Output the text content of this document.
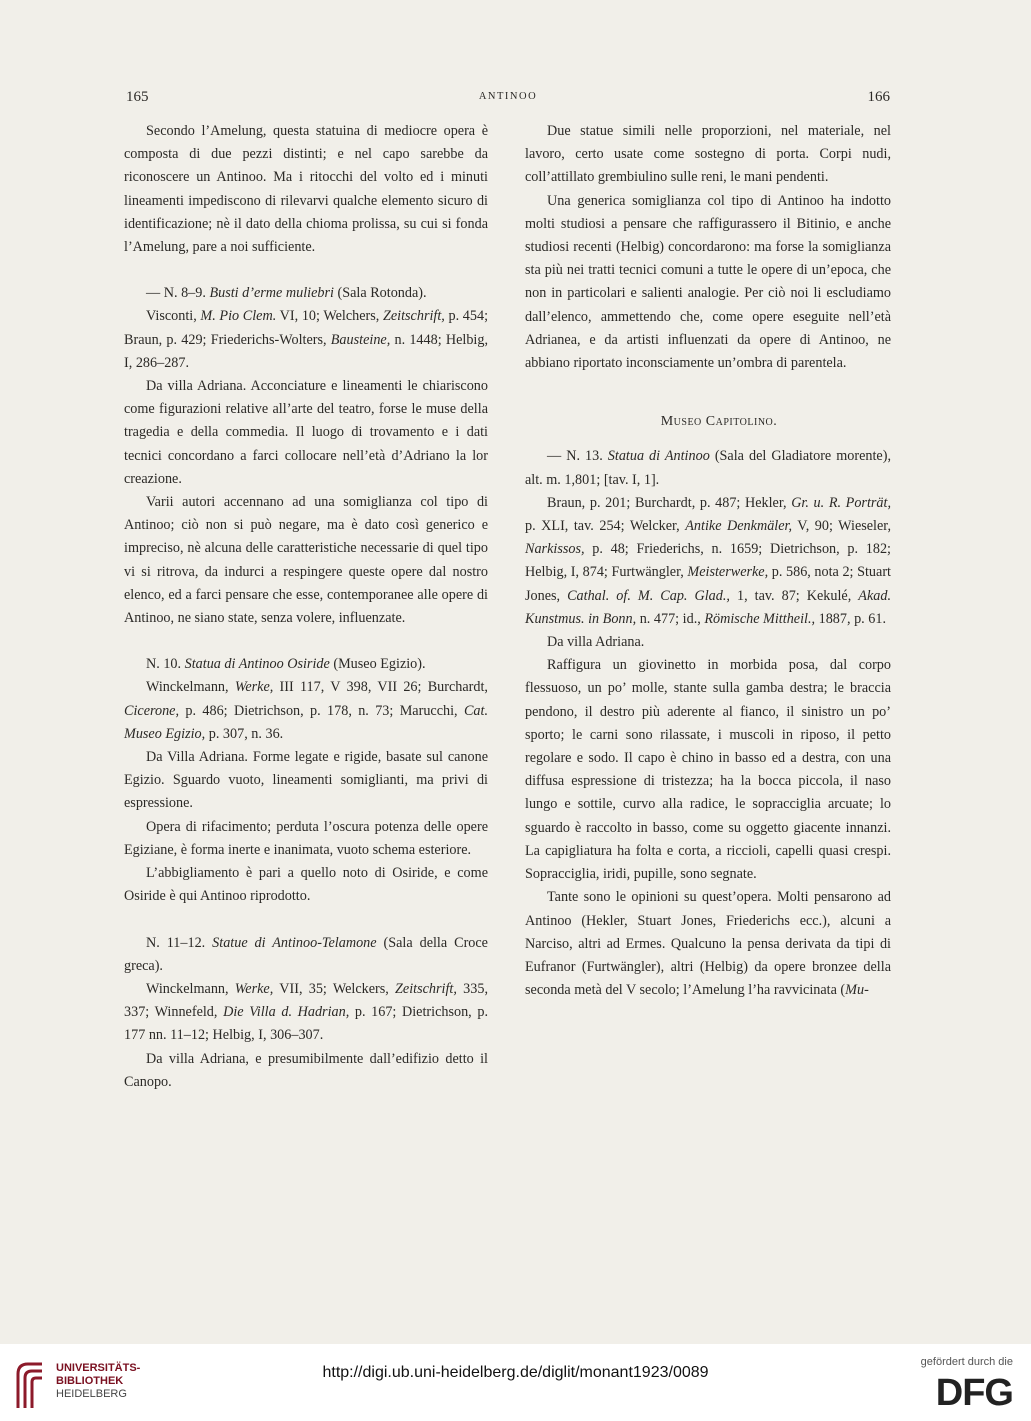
165	ANTINOO	166

Secondo l’Amelung, questa statuina di mediocre opera è composta di due pezzi distinti; e nel capo sarebbe da riconoscere un Antinoo. Ma i ritocchi del volto ed i minuti lineamenti impediscono di rilevarvi qualche elemento sicuro di identificazione; nè il dato della chioma prolissa, su cui si fonda l’Amelung, pare a noi sufficiente.

— N. 8–9. Busti d’erme muliebri (Sala Rotonda).

Visconti, M. Pio Clem. VI, 10; Welchers, Zeitschrift, p. 454; Braun, p. 429; Friederichs-Wolters, Bausteine, n. 1448; Helbig, I, 286–287.

Da villa Adriana. Acconciature e lineamenti le chiariscono come figurazioni relative all’arte del teatro, forse le muse della tragedia e della commedia. Il luogo di trovamento e i dati tecnici concordano a farci collocare nell’età d’Adriano la lor creazione.

Varii autori accennano ad una somiglianza col tipo di Antinoo; ciò non si può negare, ma è dato così generico e impreciso, nè alcuna delle caratteristiche necessarie di quel tipo vi si ritrova, da indurci a respingere queste opere dal nostro elenco, ed a farci pensare che esse, contemporanee alle opere di Antinoo, ne siano state, senza volere, influenzate.

N. 10. Statua di Antinoo Osiride (Museo Egizio).

Winckelmann, Werke, III 117, V 398, VII 26; Burchardt, Cicerone, p. 486; Dietrichson, p. 178, n. 73; Marucchi, Cat. Museo Egizio, p. 307, n. 36.

Da Villa Adriana. Forme legate e rigide, basate sul canone Egizio. Sguardo vuoto, lineamenti somiglianti, ma privi di espressione.

Opera di rifacimento; perduta l’oscura potenza delle opere Egiziane, è forma inerte e inanimata, vuoto schema esteriore.

L’abbigliamento è pari a quello noto di Osiride, e come Osiride è qui Antinoo riprodotto.

N. 11–12. Statue di Antinoo-Telamone (Sala della Croce greca).

Winckelmann, Werke, VII, 35; Welckers, Zeitschrift, 335, 337; Winnefeld, Die Villa d. Hadrian, p. 167; Dietrichson, p. 177 nn. 11–12; Helbig, I, 306–307.

Da villa Adriana, e presumibilmente dall’edifizio detto il Canopo.

Due statue simili nelle proporzioni, nel materiale, nel lavoro, certo usate come sostegno di porta. Corpi nudi, coll’attillato grembiulino sulle reni, le mani pendenti.

Una generica somiglianza col tipo di Antinoo ha indotto molti studiosi a pensare che raffigurassero il Bitinio, e anche studiosi recenti (Helbig) concordarono: ma forse la somiglianza sta più nei tratti tecnici comuni a tutte le opere di un’epoca, che non in particolari e salienti analogie. Per ciò noi li escludiamo dall’elenco, ammettendo che, come opere eseguite nell’età Adrianea, e da artisti influenzati da opere di Antinoo, ne abbiano riportato inconsciamente un’ombra di parentela.

Museo Capitolino.

— N. 13. Statua di Antinoo (Sala del Gladiatore morente), alt. m. 1,801; [tav. I, 1].

Braun, p. 201; Burchardt, p. 487; Hekler, Gr. u. R. Porträt, p. XLI, tav. 254; Welcker, Antike Denkmäler, V, 90; Wieseler, Narkissos, p. 48; Friederichs, n. 1659; Dietrichson, p. 182; Helbig, I, 874; Furtwängler, Meisterwerke, p. 586, nota 2; Stuart Jones, Cathal. of. M. Cap. Glad., 1, tav. 87; Kekulé, Akad. Kunstmus. in Bonn, n. 477; id., Römische Mittheil., 1887, p. 61.

Da villa Adriana.

Raffigura un giovinetto in morbida posa, dal corpo flessuoso, un po’ molle, stante sulla gamba destra; le braccia pendono, il destro più aderente al fianco, il sinistro un po’ sporto; le carni sono rilassate, i muscoli in riposo, il petto regolare e sodo. Il capo è chino in basso ed a destra, con una diffusa espressione di tristezza; ha la bocca piccola, il naso lungo e sottile, curvo alla radice, le sopracciglia arcuate; lo sguardo è raccolto in basso, come su oggetto giacente innanzi. La capigliatura ha folta e corta, a riccioli, capelli quasi crespi. Sopracciglia, iridi, pupille, sono segnate.

Tante sono le opinioni su quest’opera. Molti pensarono ad Antinoo (Hekler, Stuart Jones, Friederichs ecc.), alcuni a Narciso, altri ad Ermes. Qualcuno la pensa derivata da tipi di Eufranor (Furtwängler), altri (Helbig) da opere bronzee della seconda metà del V secolo; l’Amelung l’ha ravvicinata (Mu-

UNIVERSITÄTS-
BIBLIOTHEK
HEIDELBERG
http://digi.ub.uni-heidelberg.de/diglit/monant1923/0089
gefördert durch die
DFG
